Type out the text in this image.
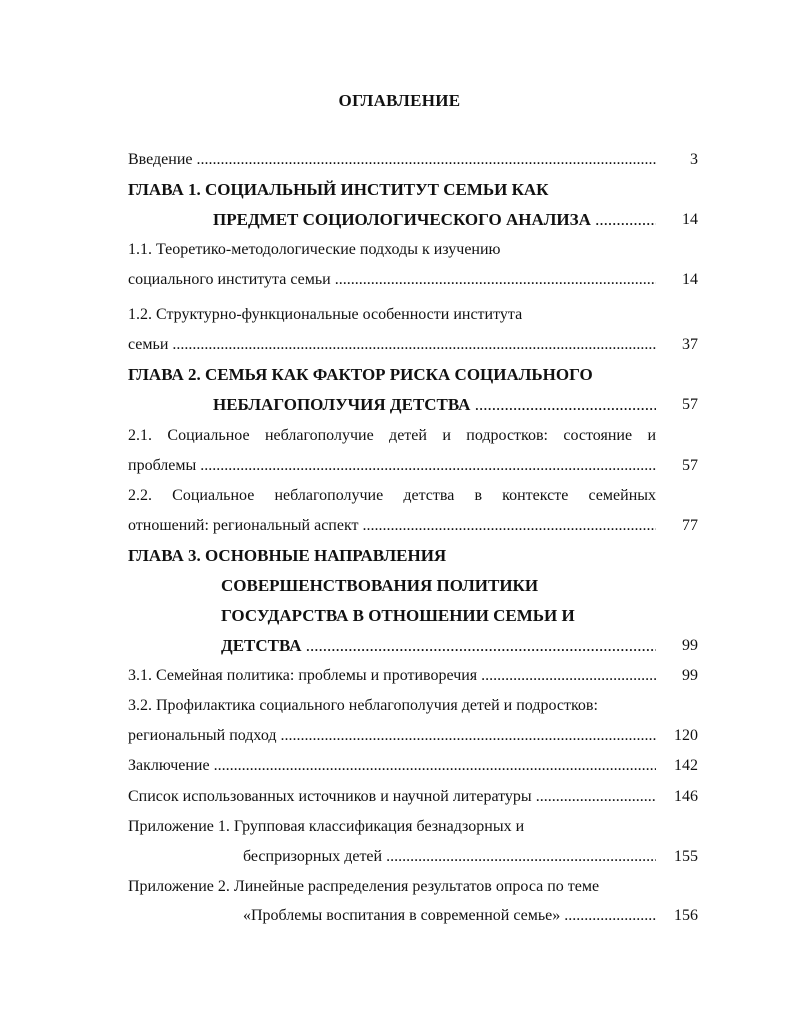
ОГЛАВЛЕНИЕ
Введение .....	3
ГЛАВА 1. СОЦИАЛЬНЫЙ ИНСТИТУТ СЕМЬИ КАК
ПРЕДМЕТ СОЦИОЛОГИЧЕСКОГО АНАЛИЗА .....	14
1.1. Теоретико-методологические подходы к изучению
социального института семьи .....	14
1.2. Структурно-функциональные особенности института
семьи .....	37
ГЛАВА 2. СЕМЬЯ КАК ФАКТОР РИСКА СОЦИАЛЬНОГО
НЕБЛАГОПОЛУЧИЯ ДЕТСТВА .....	57
2.1. Социальное неблагополучие детей и подростков: состояние и
проблемы .....	57
2.2. Социальное неблагополучие детства в контексте семейных
отношений: региональный аспект .....	77
ГЛАВА 3. ОСНОВНЫЕ НАПРАВЛЕНИЯ
СОВЕРШЕНСТВОВАНИЯ ПОЛИТИКИ
ГОСУДАРСТВА В ОТНОШЕНИИ СЕМЬИ И
ДЕТСТВА .....	99
3.1. Семейная политика: проблемы и противоречия .....	99
3.2. Профилактика социального неблагополучия детей и подростков:
региональный подход .....	120
Заключение .....	142
Список использованных источников и научной литературы .....	146
Приложение 1. Групповая классификация безнадзорных и
беспризорных детей .....	155
Приложение 2. Линейные распределения результатов опроса по теме
«Проблемы воспитания в современной семье» .....	156
